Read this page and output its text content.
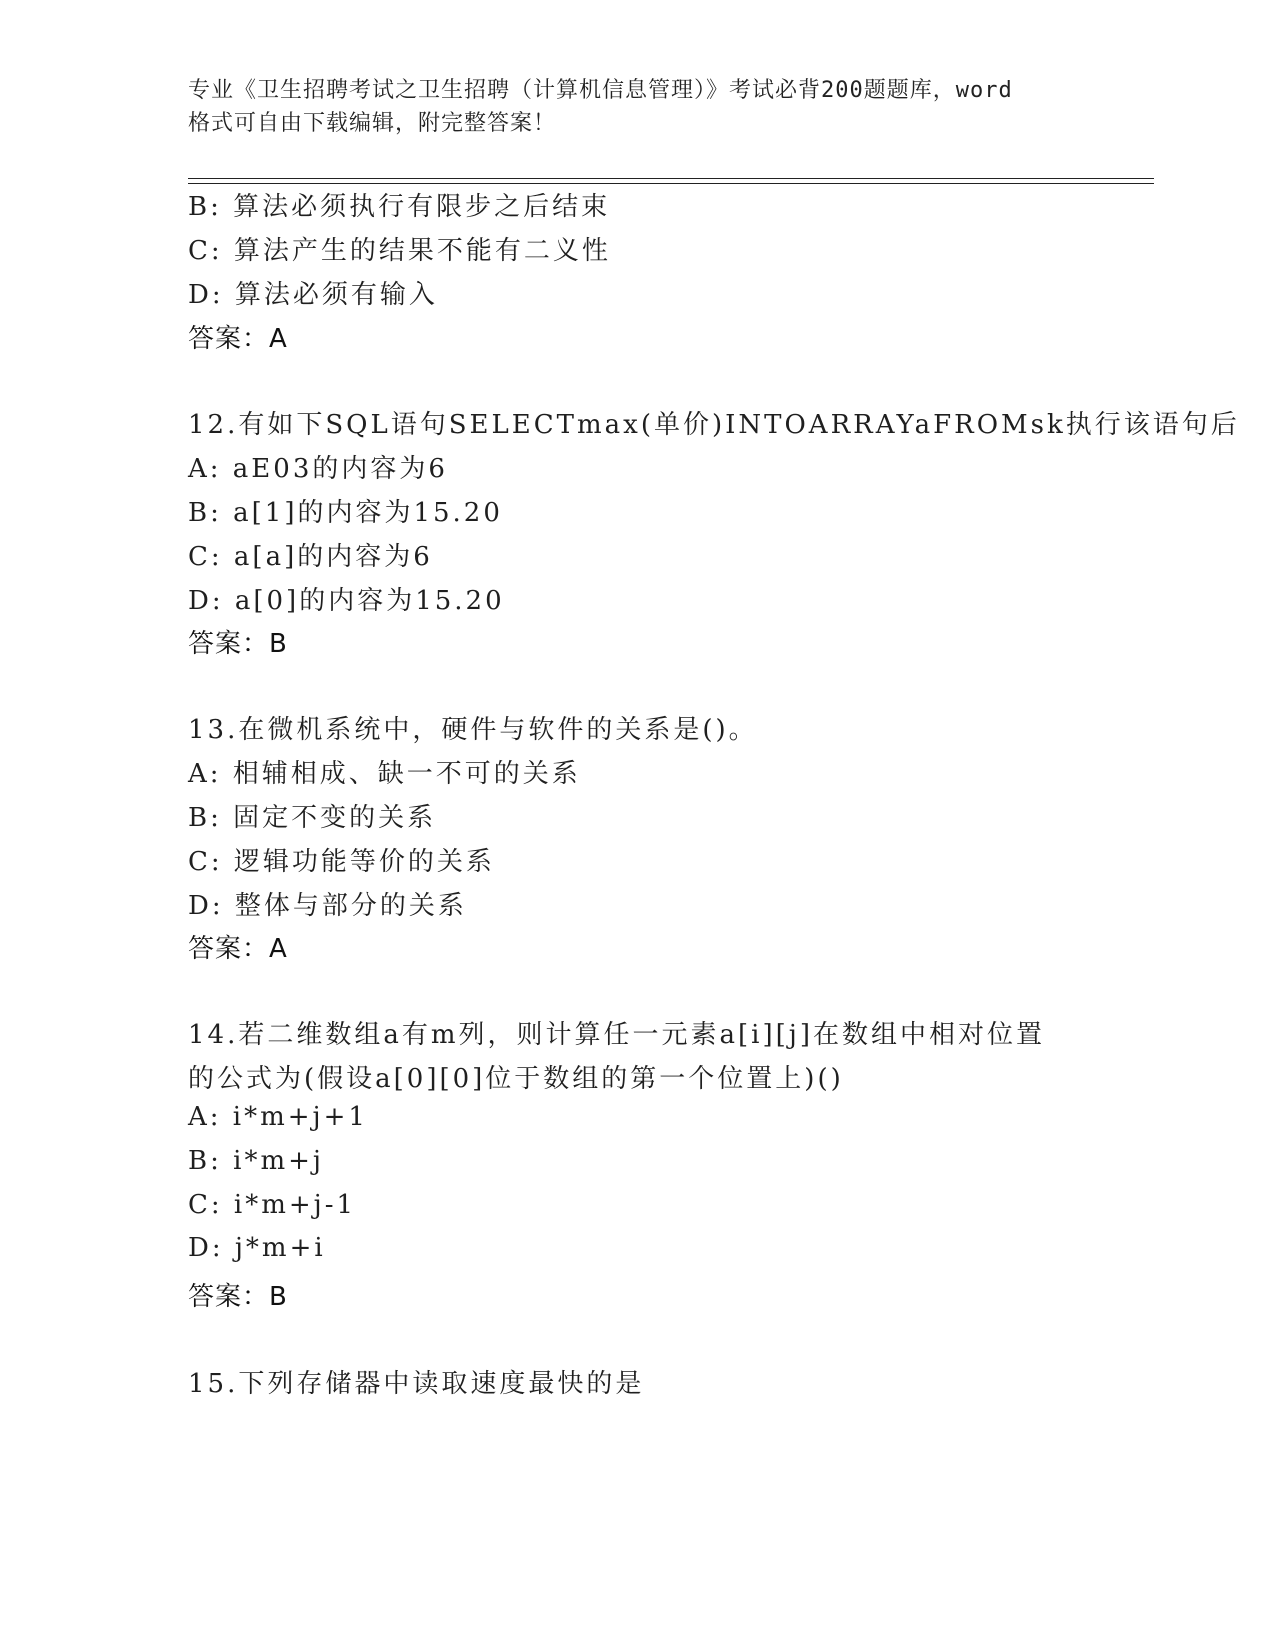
专业《卫生招聘考试之卫生招聘（计算机信息管理）》考试必背200题题库，word
格式可自由下载编辑，附完整答案！
B: 算法必须执行有限步之后结束
C: 算法产生的结果不能有二义性
D: 算法必须有输入
答案：A
12.有如下SQL语句SELECTmax(单价)INTOARRAYaFROMsk执行该语句后
A: aE03的内容为6
B: a[1]的内容为15.20
C: a[a]的内容为6
D: a[0]的内容为15.20
答案：B
13.在微机系统中，硬件与软件的关系是()。
A: 相辅相成、缺一不可的关系
B: 固定不变的关系
C: 逻辑功能等价的关系
D: 整体与部分的关系
答案：A
14.若二维数组a有m列，则计算任一元素a[i][j]在数组中相对位置
的公式为(假设a[0][0]位于数组的第一个位置上)()
A: i*m+j+1
B: i*m+j
C: i*m+j-1
D: j*m+i
答案：B
15.下列存储器中读取速度最快的是
